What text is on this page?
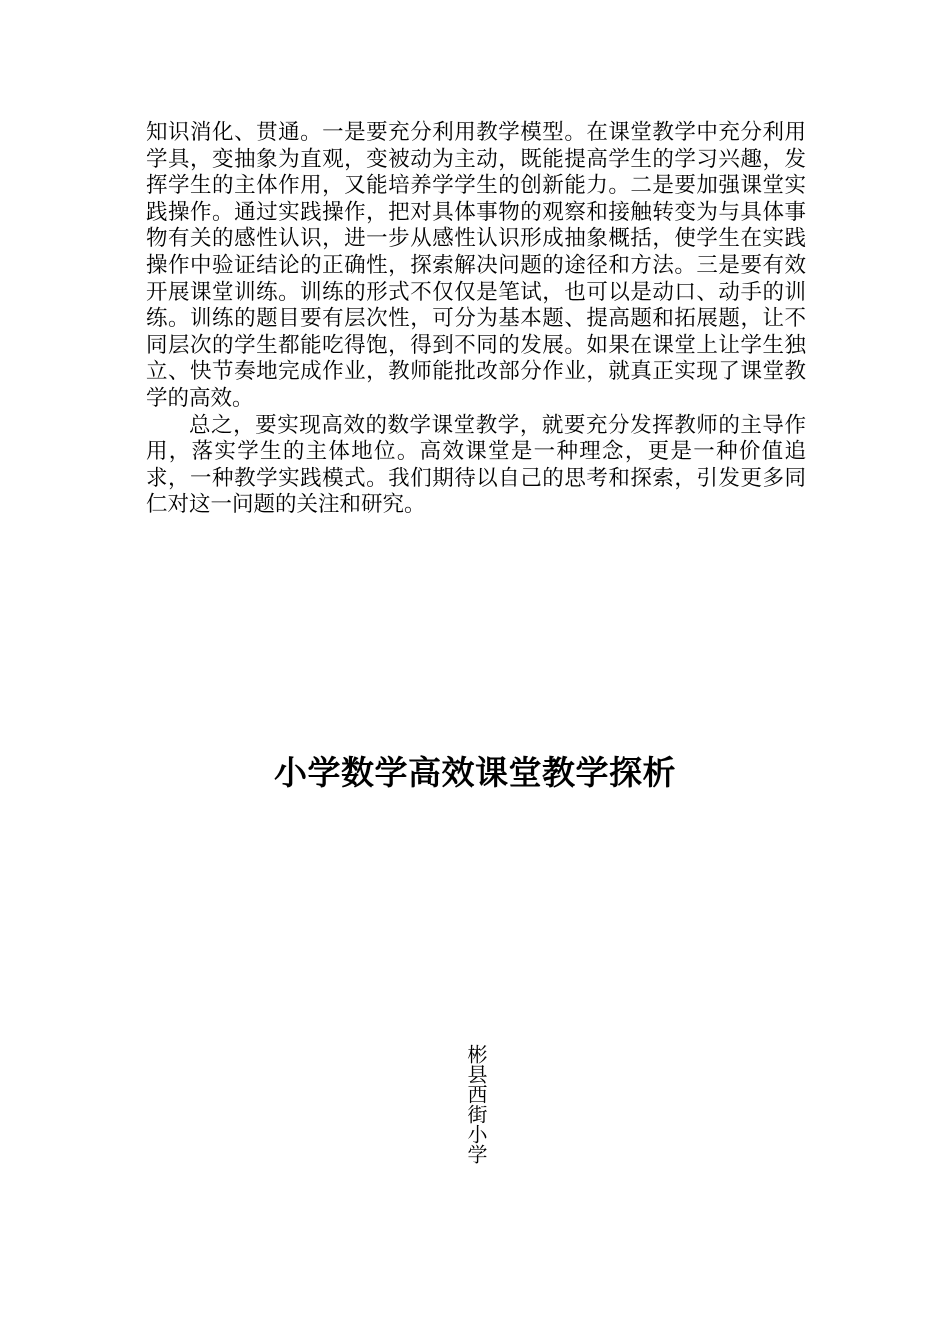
知识消化、贯通。一是要充分利用教学模型。在课堂教学中充分利用学具，变抽象为直观，变被动为主动，既能提高学生的学习兴趣，发挥学生的主体作用，又能培养学学生的创新能力。二是要加强课堂实践操作。通过实践操作，把对具体事物的观察和接触转变为与具体事物有关的感性认识，进一步从感性认识形成抽象概括，使学生在实践操作中验证结论的正确性，探索解决问题的途径和方法。三是要有效开展课堂训练。训练的形式不仅仅是笔试，也可以是动口、动手的训练。训练的题目要有层次性，可分为基本题、提高题和拓展题，让不同层次的学生都能吃得饱，得到不同的发展。如果在课堂上让学生独立、快节奏地完成作业，教师能批改部分作业，就真正实现了课堂教学的高效。

总之，要实现高效的数学课堂教学，就要充分发挥教师的主导作用，落实学生的主体地位。高效课堂是一种理念，更是一种价值追求，一种教学实践模式。我们期待以自己的思考和探索，引发更多同仁对这一问题的关注和研究。

小学数学高效课堂教学探析
彬县西街小学
